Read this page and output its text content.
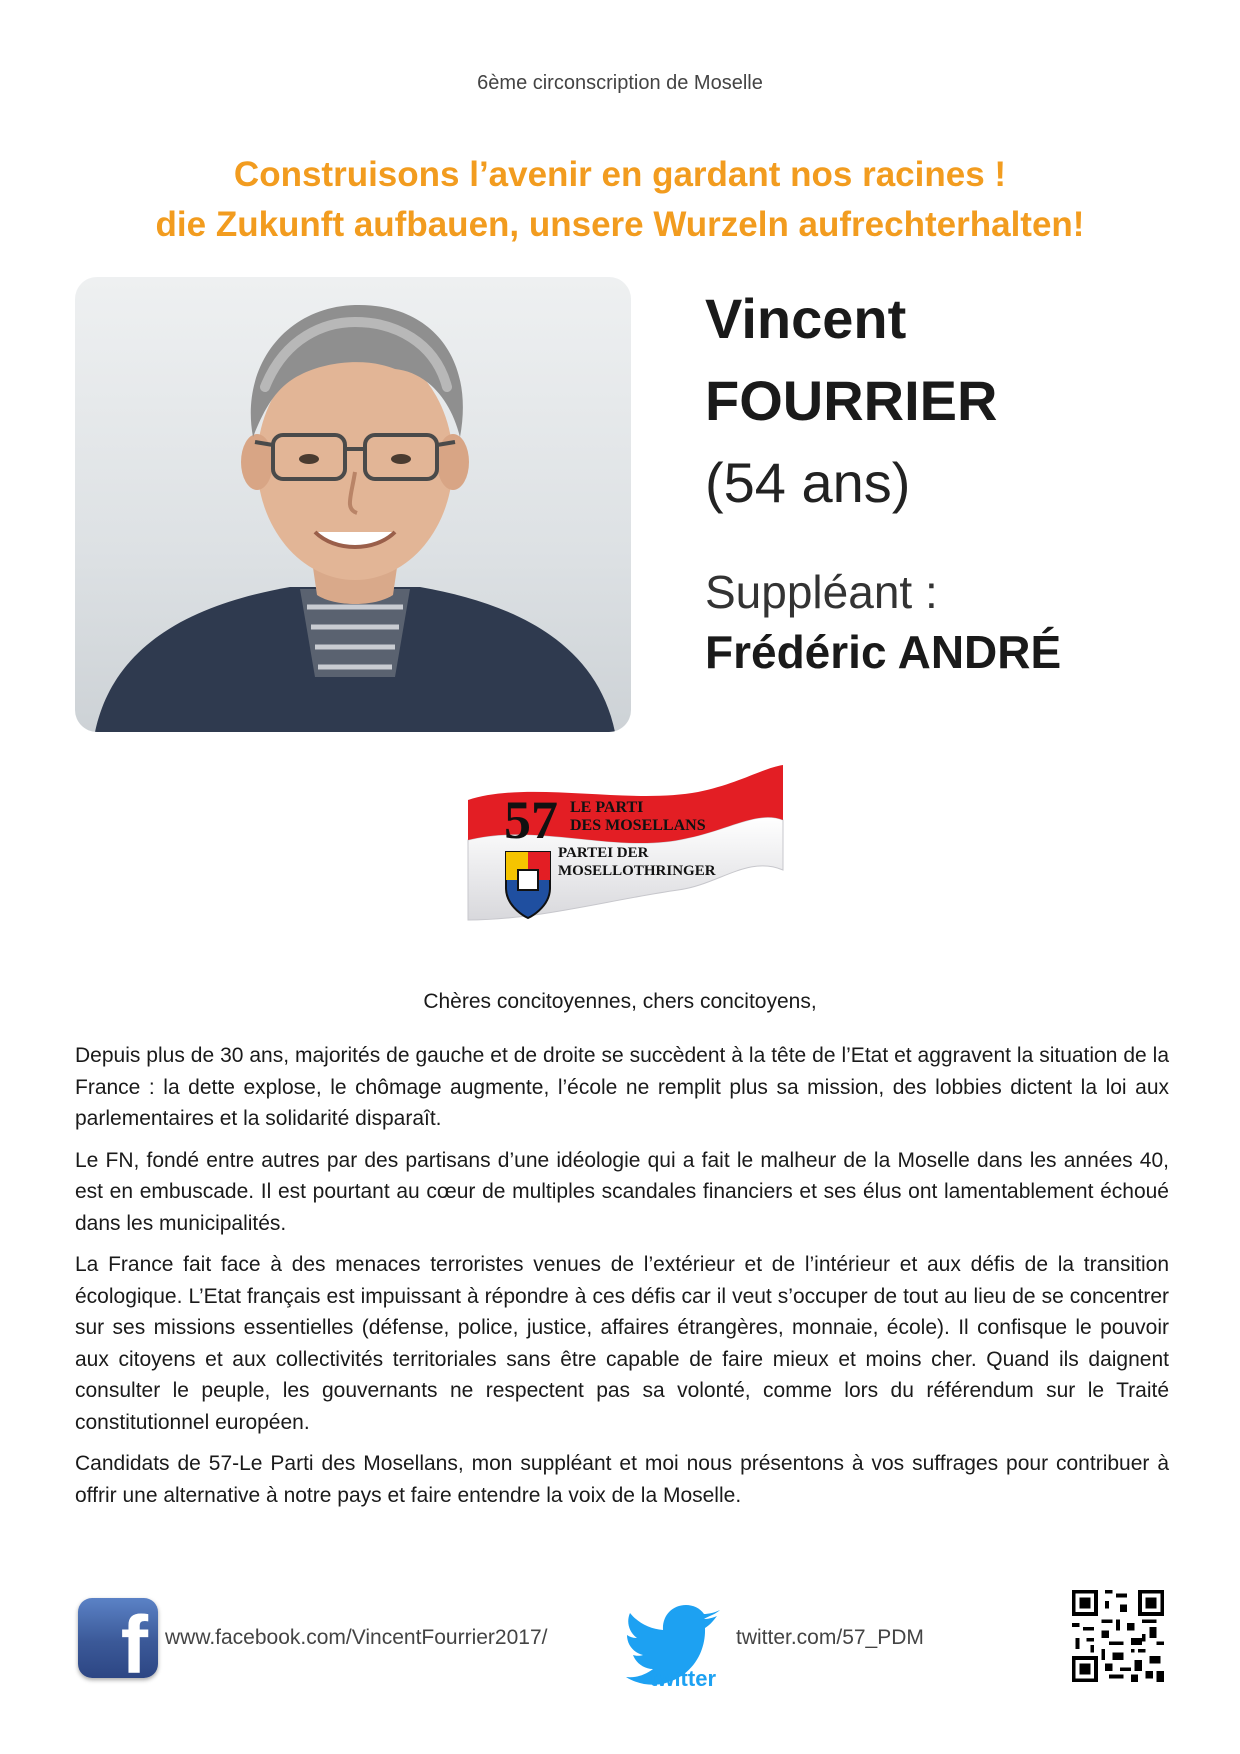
6ème circonscription de Moselle
Construisons l’avenir en gardant nos racines !
die Zukunft aufbauen, unsere Wurzeln aufrechterhalten!
Vincent
FOURRIER
(54 ans)
Suppléant :
Frédéric ANDRÉ
57 LE PARTI
DES MOSELLANS
PARTEI DER
MOSELLOTHRINGER
Chères concitoyennes, chers concitoyens,

Depuis plus de 30 ans, majorités de gauche et de droite se succèdent à la tête de l’Etat et aggravent la situation de la France : la dette explose, le chômage augmente, l’école ne remplit plus sa mission, des lobbies dictent la loi aux parlementaires et la solidarité disparaît.

Le FN, fondé entre autres par des partisans d’une idéologie qui a fait le malheur de la Moselle dans les années 40, est en embuscade. Il est pourtant au cœur de multiples scandales financiers et ses élus ont lamentablement échoué dans les municipalités.

La France fait face à des menaces terroristes venues de l’extérieur et de l’intérieur et aux défis de la transition écologique. L’Etat français est impuissant à répondre à ces défis car il veut s’occuper de tout au lieu de se concentrer sur ses missions essentielles (défense, police, justice, affaires étrangères, monnaie, école). Il confisque le pouvoir aux citoyens et aux collectivités territoriales sans être capable de faire mieux et moins cher. Quand ils daignent consulter le peuple, les gouvernants ne respectent pas sa volonté, comme lors du référendum sur le Traité constitutionnel européen.

Candidats de 57-Le Parti des Mosellans, mon suppléant et moi nous présentons à vos suffrages pour contribuer à offrir une alternative à notre pays et faire entendre la voix de la Moselle.

f www.facebook.com/VincentFourrier2017/
twitter
twitter.com/57_PDM
